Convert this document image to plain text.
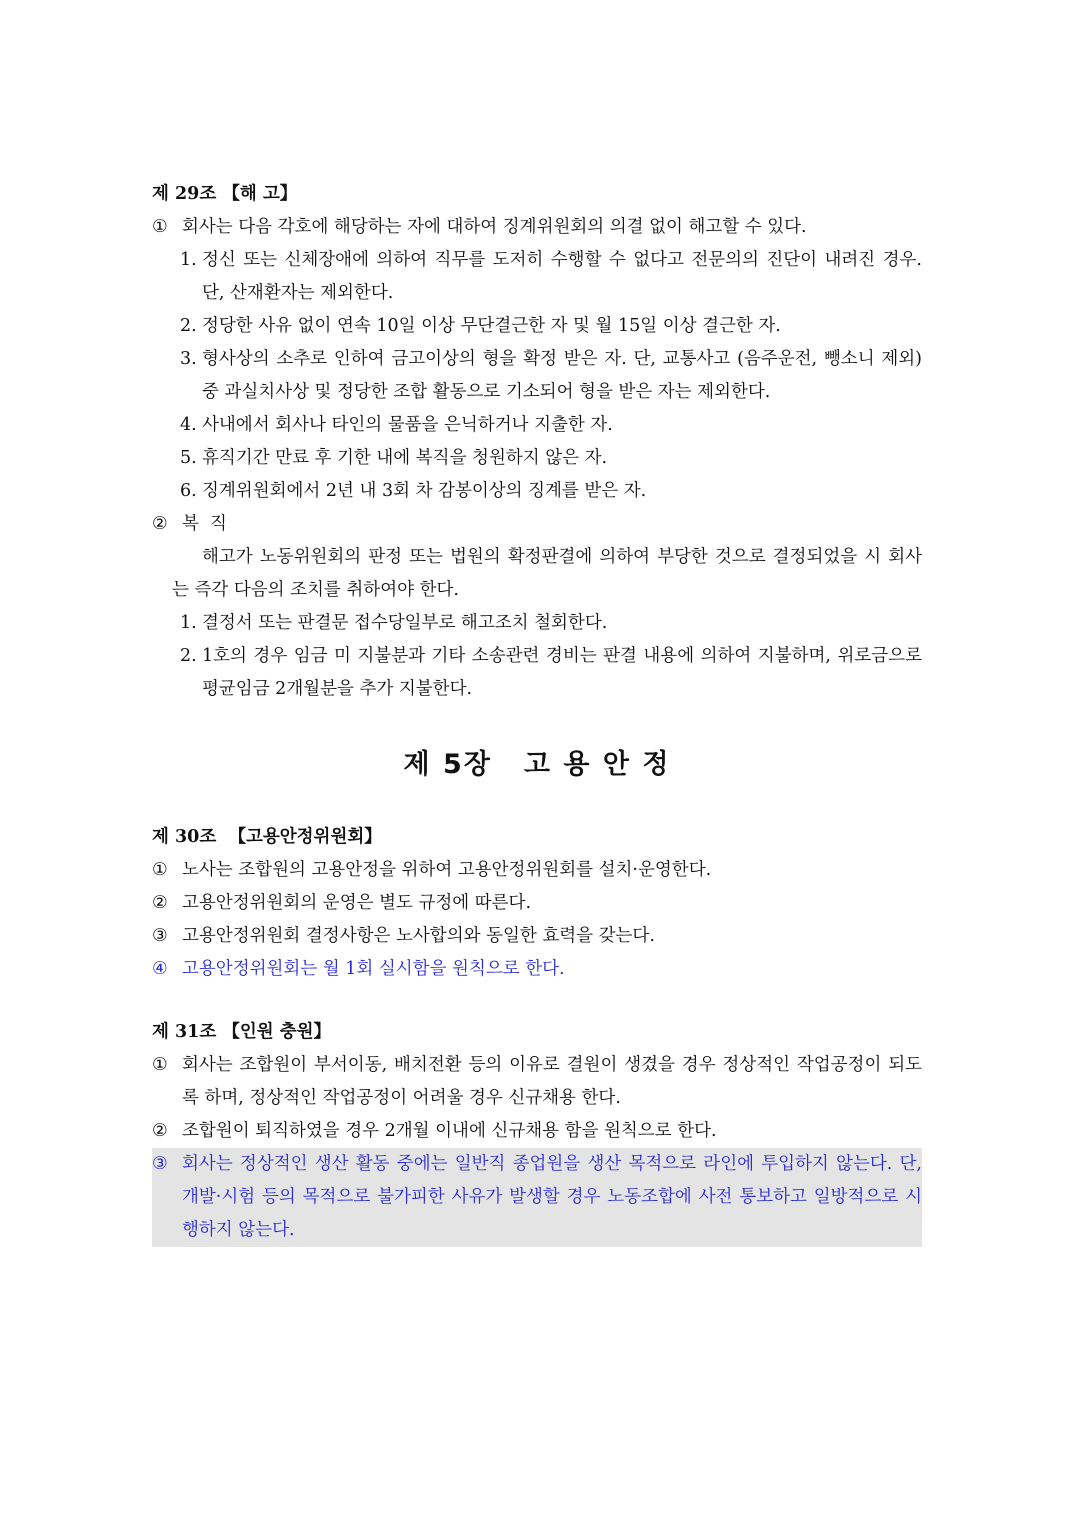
제 29조 【해 고】
① 회사는 다음 각호에 해당하는 자에 대하여 징계위원회의 의결 없이 해고할 수 있다.
1. 정신 또는 신체장애에 의하여 직무를 도저히 수행할 수 없다고 전문의의 진단이 내려진 경우. 단, 산재환자는 제외한다.
2. 정당한 사유 없이 연속 10일 이상 무단결근한 자 및 월 15일 이상 결근한 자.
3. 형사상의 소추로 인하여 금고이상의 형을 확정 받은 자. 단, 교통사고 (음주운전, 뺑소니 제외) 중 과실치사상 및 정당한 조합 활동으로 기소되어 형을 받은 자는 제외한다.
4. 사내에서 회사나 타인의 물품을 은닉하거나 지출한 자.
5. 휴직기간 만료 후 기한 내에 복직을 청원하지 않은 자.
6. 징계위원회에서 2년 내 3회 차 감봉이상의 징계를 받은 자.
② 복  직
해고가 노동위원회의 판정 또는 법원의 확정판결에 의하여 부당한 것으로 결정되었을 시 회사는 즉각 다음의 조치를 취하여야 한다.
1. 결정서 또는 판결문 접수당일부로 해고조치 철회한다.
2. 1호의 경우 임금 미 지불분과 기타 소송관련 경비는 판결 내용에 의하여 지불하며, 위로금으로 평균임금 2개월분을 추가 지불한다.
제 5장 고 용 안 정
제 30조  【고용안정위원회】
① 노사는 조합원의 고용안정을 위하여 고용안정위원회를 설치·운영한다.
② 고용안정위원회의 운영은 별도 규정에 따른다.
③ 고용안정위원회 결정사항은 노사합의와 동일한 효력을 갖는다.
④ 고용안정위원회는 월 1회 실시함을 원칙으로 한다.
제 31조 【인원 충원】
① 회사는 조합원이 부서이동, 배치전환 등의 이유로 결원이 생겼을 경우 정상적인 작업공정이 되도록 하며, 정상적인 작업공정이 어려울 경우 신규채용 한다.
② 조합원이 퇴직하였을 경우 2개월 이내에 신규채용 함을 원칙으로 한다.
③ 회사는 정상적인 생산 활동 중에는 일반직 종업원을 생산 목적으로 라인에 투입하지 않는다. 단, 개발·시험 등의 목적으로 불가피한 사유가 발생할 경우 노동조합에 사전 통보하고 일방적으로 시행하지 않는다.
